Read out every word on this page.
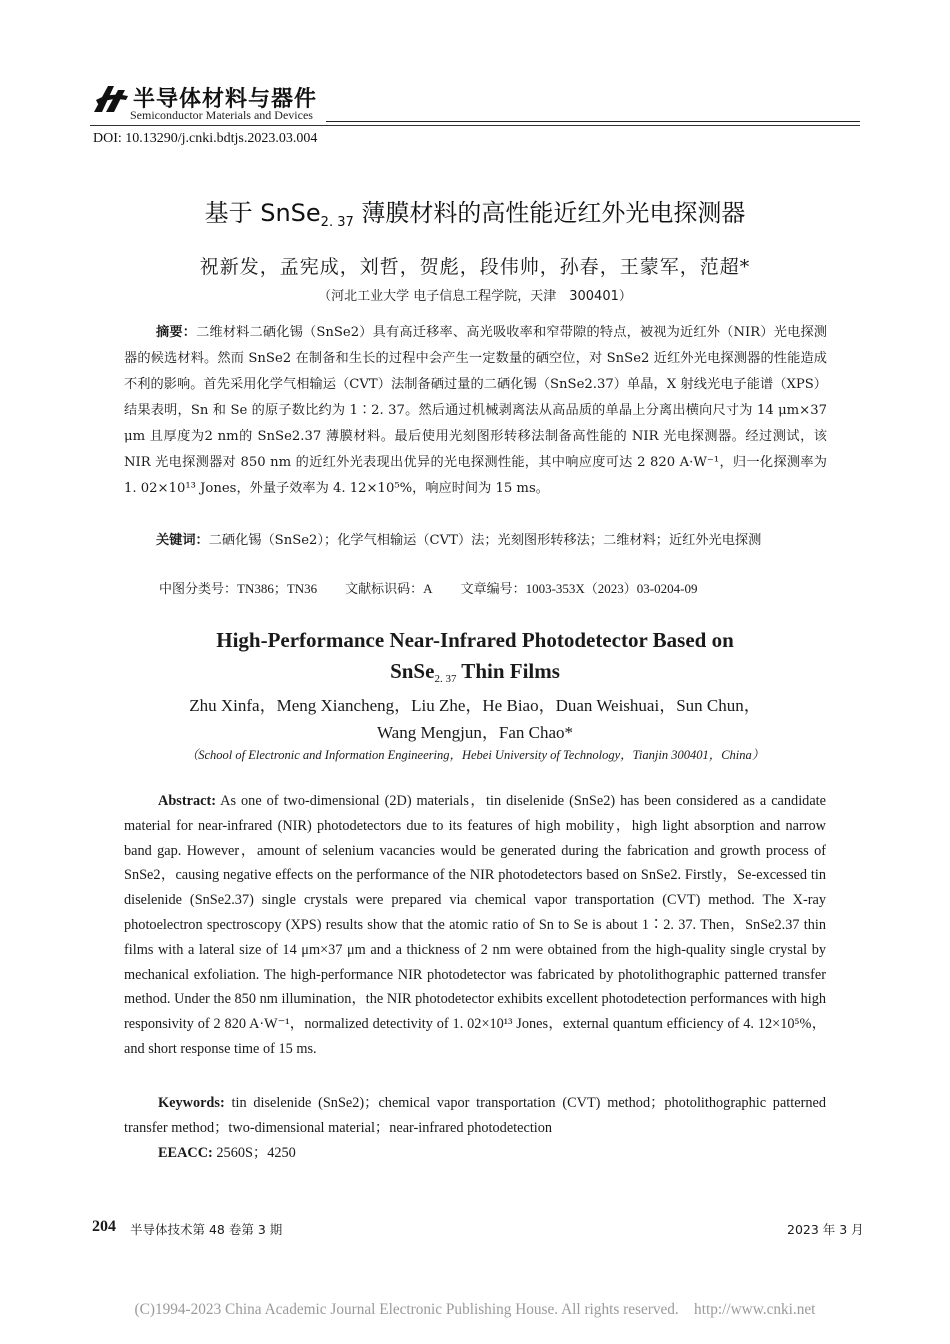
半导体材料与器件
Semiconductor Materials and Devices
DOI: 10.13290/j.cnki.bdtjs.2023.03.004
基于 SnSe$_{2. 37}$ 薄膜材料的高性能近红外光电探测器
祝新发，孟宪成，刘哲，贺彪，段伟帅，孙春，王蒙军，范超*
（河北工业大学 电子信息工程学院，天津　300401）
摘要：二维材料二硒化锡（SnSe2）具有高迁移率、高光吸收率和窄带隙的特点，被视为近红外（NIR）光电探测器的候选材料。然而 SnSe2 在制备和生长的过程中会产生一定数量的硒空位，对 SnSe2 近红外光电探测器的性能造成不利的影响。首先采用化学气相输运（CVT）法制备硒过量的二硒化锡（SnSe2.37）单晶，X 射线光电子能谱（XPS）结果表明，Sn 和 Se 的原子数比约为 1∶2. 37。然后通过机械剥离法从高品质的单晶上分离出横向尺寸为 14 μm×37 μm 且厚度为2 nm的 SnSe2.37 薄膜材料。最后使用光刻图形转移法制备高性能的 NIR 光电探测器。经过测试，该 NIR 光电探测器对 850 nm 的近红外光表现出优异的光电探测性能，其中响应度可达 2 820 A·W⁻¹，归一化探测率为 1. 02×10¹³ Jones，外量子效率为 4. 12×10⁵%，响应时间为 15 ms。
关键词：二硒化锡（SnSe2）；化学气相输运（CVT）法；光刻图形转移法；二维材料；近红外光电探测
中图分类号：TN386；TN36 文献标识码：A 文章编号：1003-353X（2023）03-0204-09
High-Performance Near-Infrared Photodetector Based on
SnSe$_{2. 37}$ Thin Films
Zhu Xinfa，Meng Xiancheng，Liu Zhe，He Biao，Duan Weishuai，Sun Chun，
Wang Mengjun，Fan Chao*
（School of Electronic and Information Engineering，Hebei University of Technology，Tianjin 300401，China）
Abstract: As one of two-dimensional (2D) materials，tin diselenide (SnSe2) has been considered as a candidate material for near-infrared (NIR) photodetectors due to its features of high mobility，high light absorption and narrow band gap. However，amount of selenium vacancies would be generated during the fabrication and growth process of SnSe2，causing negative effects on the performance of the NIR photodetectors based on SnSe2. Firstly，Se-excessed tin diselenide (SnSe2.37) single crystals were prepared via chemical vapor transportation (CVT) method. The X-ray photoelectron spectroscopy (XPS) results show that the atomic ratio of Sn to Se is about 1∶2. 37. Then，SnSe2.37 thin films with a lateral size of 14 μm×37 μm and a thickness of 2 nm were obtained from the high-quality single crystal by mechanical exfoliation. The high-performance NIR photodetector was fabricated by photolithographic patterned transfer method. Under the 850 nm illumination，the NIR photodetector exhibits excellent photodetection performances with high responsivity of 2 820 A·W⁻¹，normalized detectivity of 1. 02×10¹³ Jones，external quantum efficiency of 4. 12×10⁵%，and short response time of 15 ms.
Keywords: tin diselenide (SnSe2)；chemical vapor transportation (CVT) method；photolithographic patterned transfer method；two-dimensional material；near-infrared photodetection
EEACC: 2560S；4250
204 半导体技术第 48 卷第 3 期	2023 年 3 月
(C)1994-2023 China Academic Journal Electronic Publishing House. All rights reserved.　http://www.cnki.net
